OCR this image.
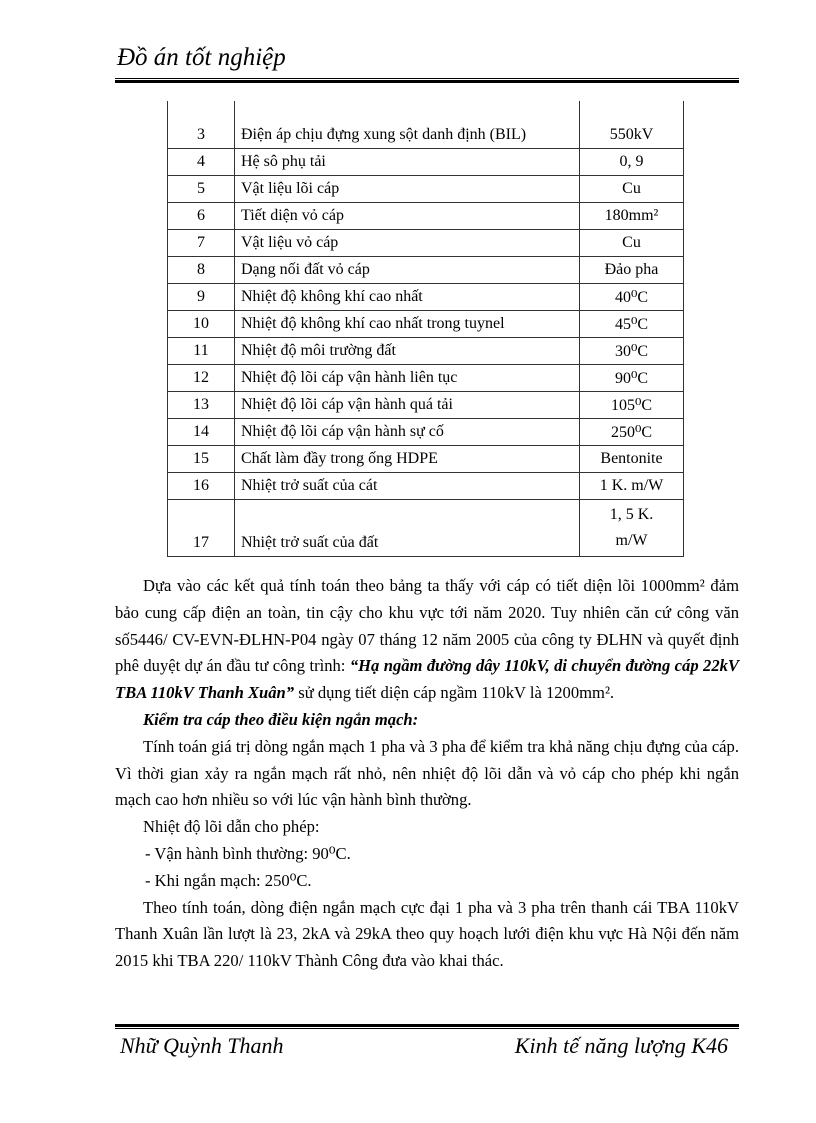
Đồ án tốt nghiệp
3	Điện áp chịu đựng xung sột danh định (BIL)	550kV
4	Hệ sô phụ tải	0, 9
5	Vật liệu lõi cáp	Cu
6	Tiết diện vỏ cáp	180mm²
7	Vật liệu vỏ cáp	Cu
8	Dạng nối đất vỏ cáp	Đảo pha
9	Nhiệt độ không khí cao nhất	40⁰C
10	Nhiệt độ không khí cao nhất trong tuynel	45⁰C
11	Nhiệt độ môi trường đất	30⁰C
12	Nhiệt độ lõi cáp vận hành liên tục	90⁰C
13	Nhiệt độ lõi cáp vận hành quá tải	105⁰C
14	Nhiệt độ lõi cáp vận hành sự cố	250⁰C
15	Chất làm đầy trong ống HDPE	Bentonite
16	Nhiệt trở suất của cát	1 K. m/W
17	Nhiệt trở suất của đất	1, 5 K.
m/W

Dựa vào các kết quả tính toán theo bảng ta thấy với cáp có tiết diện lõi 1000mm² đảm bảo cung cấp điện an toàn, tin cậy cho khu vực tới năm 2020. Tuy nhiên căn cứ công văn số5446/ CV-EVN-ĐLHN-P04 ngày 07 tháng 12 năm 2005 của công ty ĐLHN và quyết định phê duyệt dự án đầu tư công trình: “Hạ ngầm đường dây 110kV, di chuyển đường cáp 22kV TBA 110kV Thanh Xuân” sử dụng tiết diện cáp ngầm 110kV là 1200mm².

Kiểm tra cáp theo điều kiện ngắn mạch:

Tính toán giá trị dòng ngắn mạch 1 pha và 3 pha để kiểm tra khả năng chịu đựng của cáp. Vì thời gian xảy ra ngắn mạch rất nhỏ, nên nhiệt độ lõi dẫn và vỏ cáp cho phép khi ngắn mạch cao hơn nhiều so với lúc vận hành bình thường.

Nhiệt độ lõi dẫn cho phép:

- Vận hành bình thường: 90⁰C.

- Khi ngắn mạch: 250⁰C.

Theo tính toán, dòng điện ngắn mạch cực đại 1 pha và 3 pha trên thanh cái TBA 110kV Thanh Xuân lần lượt là 23, 2kA và 29kA theo quy hoạch lưới điện khu vực Hà Nội đến năm 2015 khi TBA 220/ 110kV Thành Công đưa vào khai thác.

Nhữ Quỳnh Thanh	Kinh tế năng lượng K46
